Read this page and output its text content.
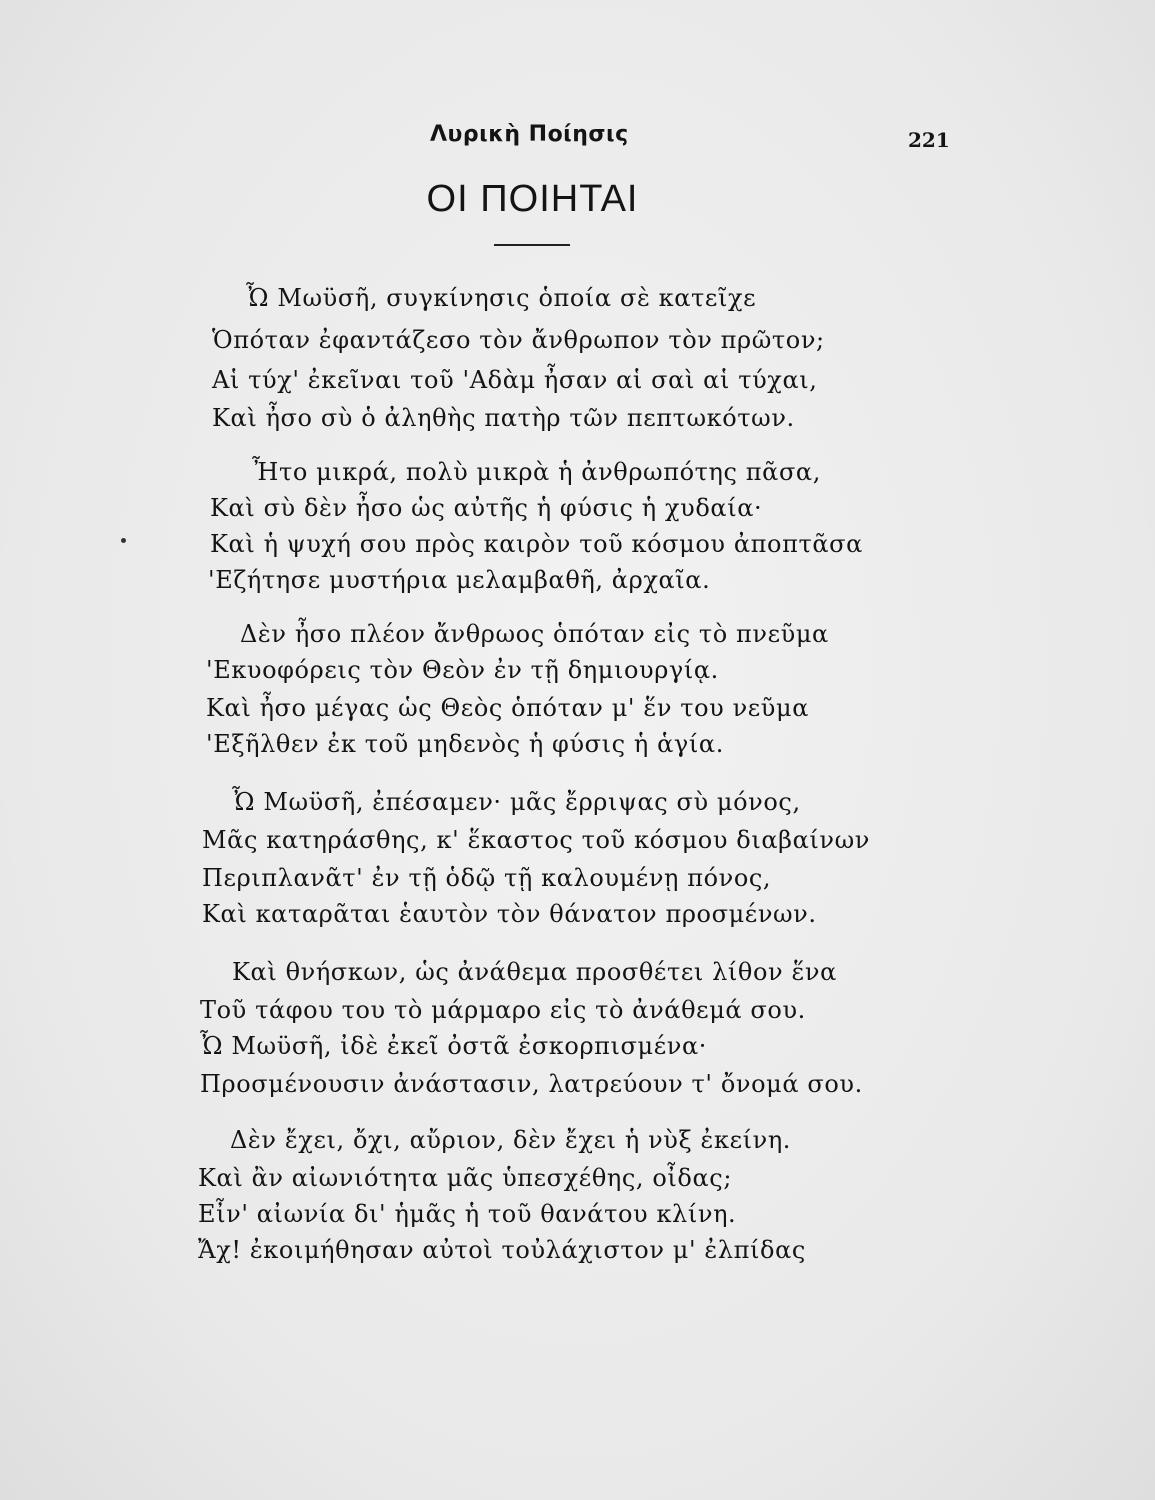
Λυρικὴ Ποίησις	221
ΟΙ ΠΟΙΗΤΑΙ
Ὦ Μωϋσῆ, συγκίνησις ὁποία σὲ κατεῖχε
Ὁπόταν ἐφαντάζεσο τὸν ἄνθρωπον τὸν πρῶτον;
Αἱ τύχ' ἐκεῖναι τοῦ 'Αδὰμ ἦσαν αἱ σαὶ αἱ τύχαι,
Καὶ ἦσο σὺ ὁ ἀληθὴς πατὴρ τῶν πεπτωκότων.
Ἦτο μικρά, πολὺ μικρὰ ἡ ἀνθρωπότης πᾶσα,
Καὶ σὺ δὲν ἦσο ὡς αὐτῆς ἡ φύσις ἡ χυδαία·
Καὶ ἡ ψυχή σου πρὸς καιρὸν τοῦ κόσμου ἀποπτᾶσα
'Εζήτησε μυστήρια μελαμβαθῆ, ἀρχαῖα.
Δὲν ἦσο πλέον ἄνθρωος ὁπόταν εἰς τὸ πνεῦμα
'Εκυοφόρεις τὸν Θεὸν ἐν τῇ δημιουργίᾳ.
Καὶ ἦσο μέγας ὡς Θεὸς ὁπόταν μ' ἕν του νεῦμα
'Εξῆλθεν ἐκ τοῦ μηδενὸς ἡ φύσις ἡ ἁγία.
Ὦ Μωϋσῆ, ἐπέσαμεν· μᾶς ἔρριψας σὺ μόνος,
Μᾶς κατηράσθης, κ' ἕκαστος τοῦ κόσμου διαβαίνων
Περιπλανᾶτ' ἐν τῇ ὁδῷ τῇ καλουμένῃ πόνος,
Καὶ καταρᾶται ἑαυτὸν τὸν θάνατον προσμένων.
Καὶ θνήσκων, ὡς ἀνάθεμα προσθέτει λίθον ἕνα
Τοῦ τάφου του τὸ μάρμαρο εἰς τὸ ἀνάθεμά σου.
Ὦ Μωϋσῆ, ἰδὲ ἐκεῖ ὀστᾶ ἐσκορπισμένα·
Προσμένουσιν ἀνάστασιν, λατρεύουν τ' ὄνομά σου.
Δὲν ἔχει, ὄχι, αὔριον, δὲν ἔχει ἡ νὺξ ἐκείνη.
Καὶ ἂν αἰωνιότητα μᾶς ὑπεσχέθης, οἶδας;
Εἶν' αἰωνία δι' ἡμᾶς ἡ τοῦ θανάτου κλίνη.
Ἄχ! ἐκοιμήθησαν αὐτοὶ τοὐλάχιστον μ' ἐλπίδας
